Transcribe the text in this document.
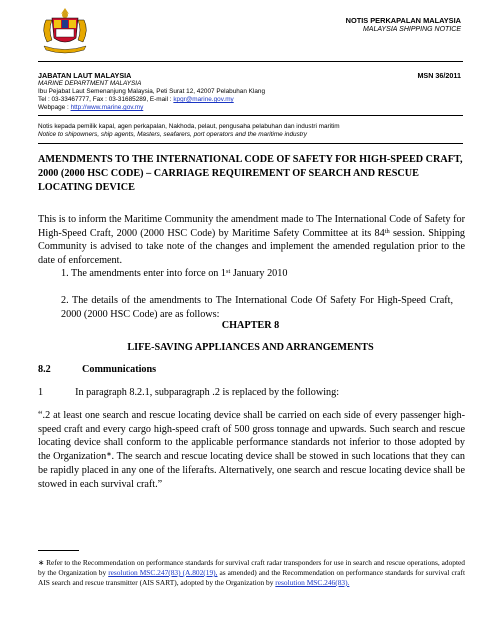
NOTIS PERKAPALAN MALAYSIA
MALAYSIA SHIPPING NOTICE
JABATAN LAUT MALAYSIA	MSN 36/2011
MARINE DEPARTMENT MALAYSIA
Ibu Pejabat Laut Semenanjung Malaysia, Peti Surat 12, 42007 Pelabuhan Klang
Tel : 03-33467777, Fax : 03-31685289, E-mail : kpgr@marine.gov.my
Webpage : http://www.marine.gov.my
Notis kepada pemilik kapal, agen perkapalan, Nakhoda, pelaut, pengusaha pelabuhan dan industri maritim
Notice to shipowners, ship agents, Masters, seafarers, port operators and the maritime industry
AMENDMENTS TO THE INTERNATIONAL CODE OF SAFETY FOR HIGH-SPEED CRAFT, 2000 (2000 HSC CODE) – CARRIAGE REQUIREMENT OF SEARCH AND RESCUE LOCATING DEVICE
This is to inform the Maritime Community the amendment made to The International Code of Safety for High-Speed Craft, 2000 (2000 HSC Code) by Maritime Safety Committee at its 84th session. Shipping Community is advised to take note of the changes and implement the amended regulation prior to the date of enforcement.
1. The amendments enter into force on 1st January 2010
2. The details of the amendments to The International Code Of Safety For High-Speed Craft, 2000 (2000 HSC Code) are as follows:
CHAPTER 8
LIFE-SAVING APPLIANCES AND ARRANGEMENTS
8.2	Communications
1	In paragraph 8.2.1, subparagraph .2 is replaced by the following:
“.2 at least one search and rescue locating device shall be carried on each side of every passenger high-speed craft and every cargo high-speed craft of 500 gross tonnage and upwards. Such search and rescue locating device shall conform to the applicable performance standards not inferior to those adopted by the Organization∗. The search and rescue locating device shall be stowed in such locations that they can be rapidly placed in any one of the liferafts. Alternatively, one search and rescue locating device shall be stowed in each survival craft.”
∗ Refer to the Recommendation on performance standards for survival craft radar transponders for use in search and rescue operations, adopted by the Organization by resolution MSC.247(83) (A.802(19), as amended) and the Recommendation on performance standards for survival craft AIS search and rescue transmitter (AIS SART), adopted by the Organization by resolution MSC.246(83).
